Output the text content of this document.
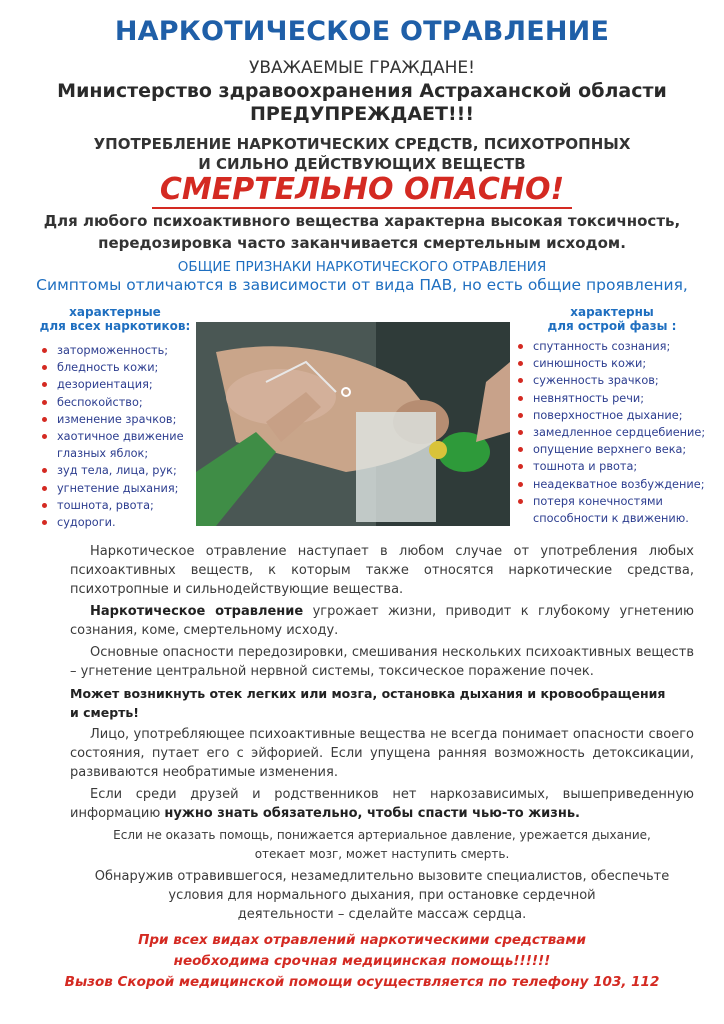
НАРКОТИЧЕСКОЕ ОТРАВЛЕНИЕ
УВАЖАЕМЫЕ ГРАЖДАНЕ!
Министерство здравоохранения Астраханской области
ПРЕДУПРЕЖДАЕТ!!!
УПОТРЕБЛЕНИЕ НАРКОТИЧЕСКИХ СРЕДСТВ, ПСИХОТРОПНЫХ
И СИЛЬНО ДЕЙСТВУЮЩИХ ВЕЩЕСТВ
СМЕРТЕЛЬНО ОПАСНО!
Для любого психоактивного вещества характерна высокая токсичность,
передозировка часто заканчивается смертельным исходом.
ОБЩИЕ ПРИЗНАКИ НАРКОТИЧЕСКОГО ОТРАВЛЕНИЯ
Симптомы отличаются в зависимости от вида ПАВ, но есть общие проявления,
характерные
для всех наркотиков:
заторможенность;
бледность кожи;
дезориентация;
беспокойство;
изменение зрачков;
хаотичное движение глазных яблок;
зуд тела, лица, рук;
угнетение дыхания;
тошнота, рвота;
судороги.
характерны
для острой фазы :
спутанность сознания;
синюшность кожи;
суженность зрачков;
невнятность речи;
поверхностное дыхание;
замедленное сердцебиение;
опущение верхнего века;
тошнота и рвота;
неадекватное возбуждение;
потеря конечностями способности к движению.

Наркотическое отравление наступает в любом случае от употребления любых психоактивных веществ, к которым также относятся наркотические средства, психотропные и сильнодействующие вещества.

Наркотическое отравление угрожает жизни, приводит к глубокому угнетению сознания, коме, смертельному исходу.

Основные опасности передозировки, смешивания нескольких психоактивных веществ – угнетение центральной нервной системы, токсическое поражение почек.

Может возникнуть отек легких или мозга, остановка дыхания и кровообращения
и смерть!

Лицо, употребляющее психоактивные вещества не всегда понимает опасности своего состояния, путает его с эйфорией. Если упущена ранняя возможность детоксикации, развиваются необратимые изменения.

Если среди друзей и родственников нет наркозависимых, вышеприведенную информацию нужно знать обязательно, чтобы спасти чью-то жизнь.

Если не оказать помощь, понижается артериальное давление, урежается дыхание,
отекает мозг, может наступить смерть.

Обнаружив отравившегося, незамедлительно вызовите специалистов, обеспечьте
условия для нормального дыхания, при остановке сердечной
деятельности – сделайте массаж сердца.

При всех видах отравлений наркотическими средствами
необходима срочная медицинская помощь!!!!!!
Вызов Скорой медицинской помощи осуществляется по телефону 103, 112
